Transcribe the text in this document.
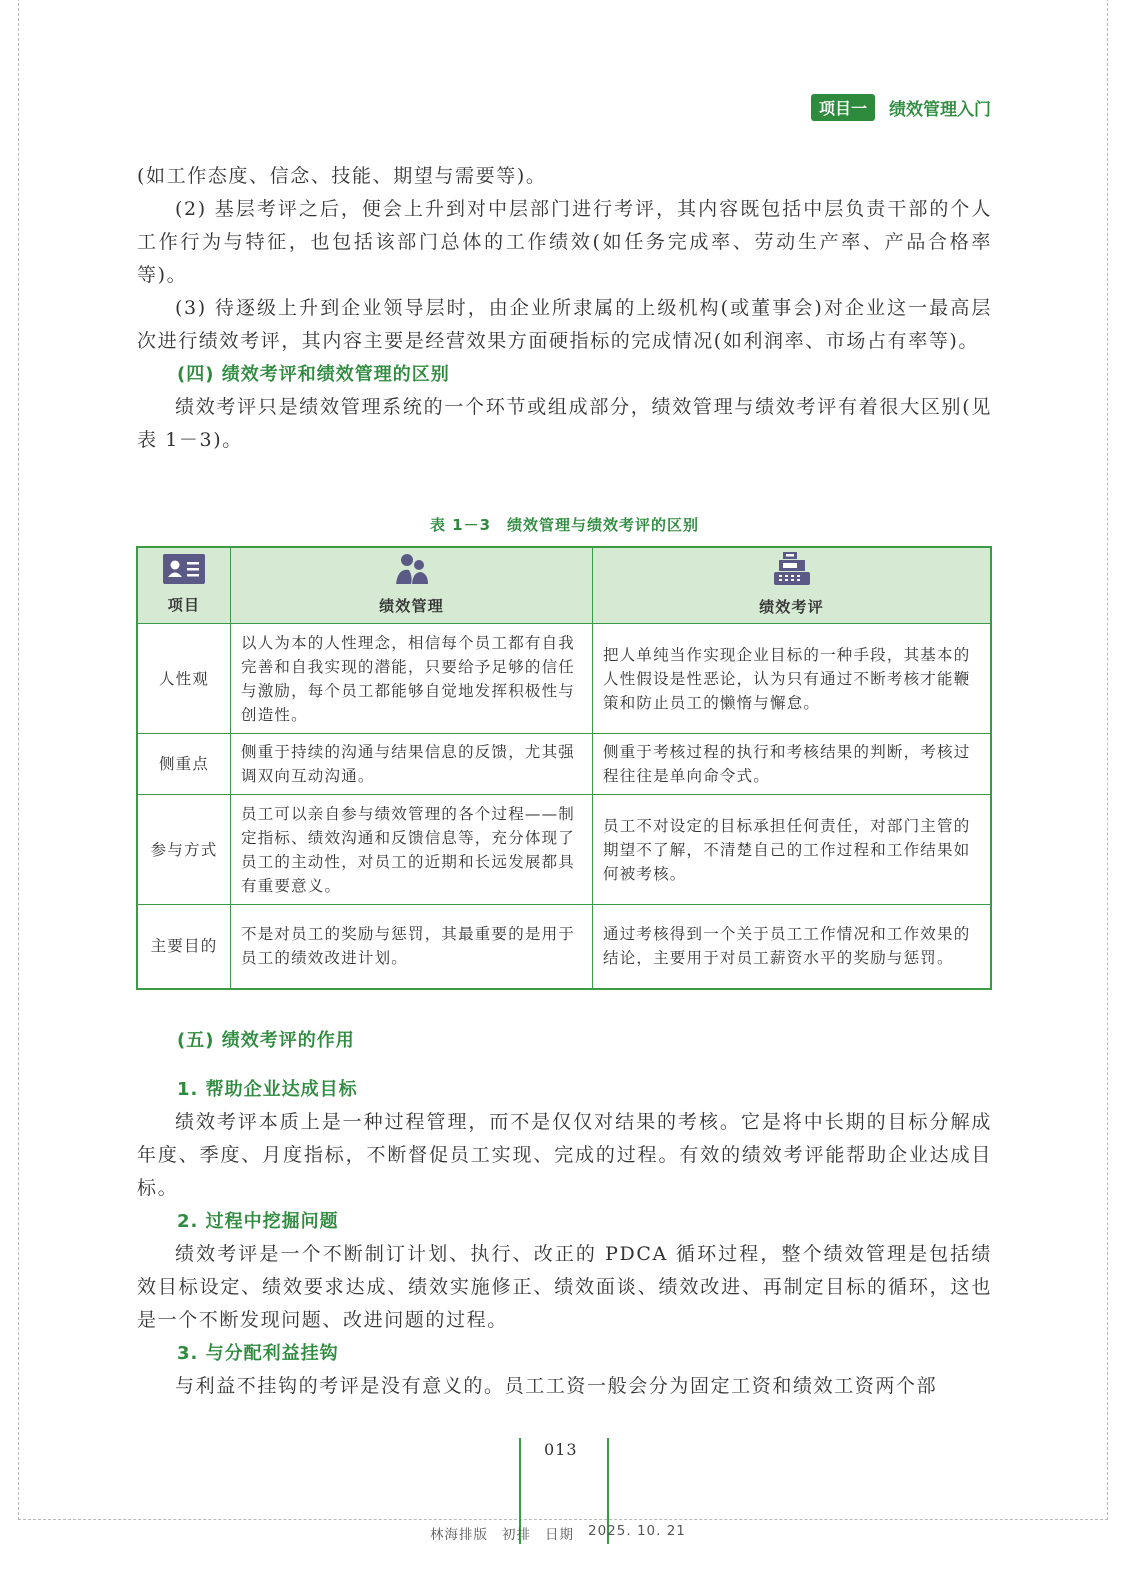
项目一	绩效管理入门

(如工作态度、信念、技能、期望与需要等)。

(2) 基层考评之后，便会上升到对中层部门进行考评，其内容既包括中层负责干部的个人工作行为与特征，也包括该部门总体的工作绩效(如任务完成率、劳动生产率、产品合格率等)。

(3) 待逐级上升到企业领导层时，由企业所隶属的上级机构(或董事会)对企业这一最高层次进行绩效考评，其内容主要是经营效果方面硬指标的完成情况(如利润率、市场占有率等)。

(四) 绩效考评和绩效管理的区别

绩效考评只是绩效管理系统的一个环节或组成部分，绩效管理与绩效考评有着很大区别(见表 1－3)。

表 1－3　绩效管理与绩效考评的区别
项目	绩效管理	绩效考评

人性观	以人为本的人性理念，相信每个员工都有自我完善和自我实现的潜能，只要给予足够的信任与激励，每个员工都能够自觉地发挥积极性与创造性。	把人单纯当作实现企业目标的一种手段，其基本的人性假设是性恶论，认为只有通过不断考核才能鞭策和防止员工的懒惰与懈怠。
侧重点	侧重于持续的沟通与结果信息的反馈，尤其强调双向互动沟通。	侧重于考核过程的执行和考核结果的判断，考核过程往往是单向命令式。
参与方式	员工可以亲自参与绩效管理的各个过程——制定指标、绩效沟通和反馈信息等，充分体现了员工的主动性，对员工的近期和长远发展都具有重要意义。	员工不对设定的目标承担任何责任，对部门主管的期望不了解，不清楚自己的工作过程和工作结果如何被考核。
主要目的	不是对员工的奖励与惩罚，其最重要的是用于员工的绩效改进计划。	通过考核得到一个关于员工工作情况和工作效果的结论，主要用于对员工薪资水平的奖励与惩罚。

(五) 绩效考评的作用

1. 帮助企业达成目标

绩效考评本质上是一种过程管理，而不是仅仅对结果的考核。它是将中长期的目标分解成年度、季度、月度指标，不断督促员工实现、完成的过程。有效的绩效考评能帮助企业达成目标。

2. 过程中挖掘问题

绩效考评是一个不断制订计划、执行、改正的 PDCA 循环过程，整个绩效管理是包括绩效目标设定、绩效要求达成、绩效实施修正、绩效面谈、绩效改进、再制定目标的循环，这也是一个不断发现问题、改进问题的过程。

3. 与分配利益挂钩

与利益不挂钩的考评是没有意义的。员工工资一般会分为固定工资和绩效工资两个部

013
林海排版 初排 日期 2025. 10. 21
